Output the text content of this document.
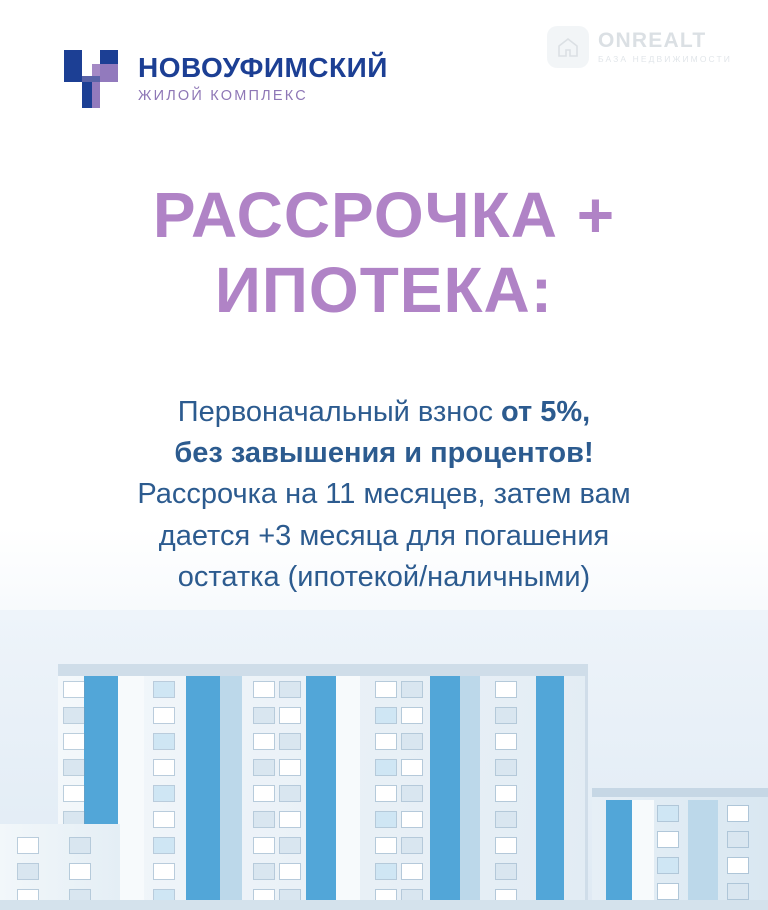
НОВОУФИМСКИЙ
ЖИЛОЙ КОМПЛЕКС
ONREALT
БАЗА НЕДВИЖИМОСТИ
РАССРОЧКА +
ИПОТЕКА:

Первоначальный взнос от 5%,

без завышения и процентов!

Рассрочка на 11 месяцев, затем вам

дается +3 месяца для погашения

остатка (ипотекой/наличными)
